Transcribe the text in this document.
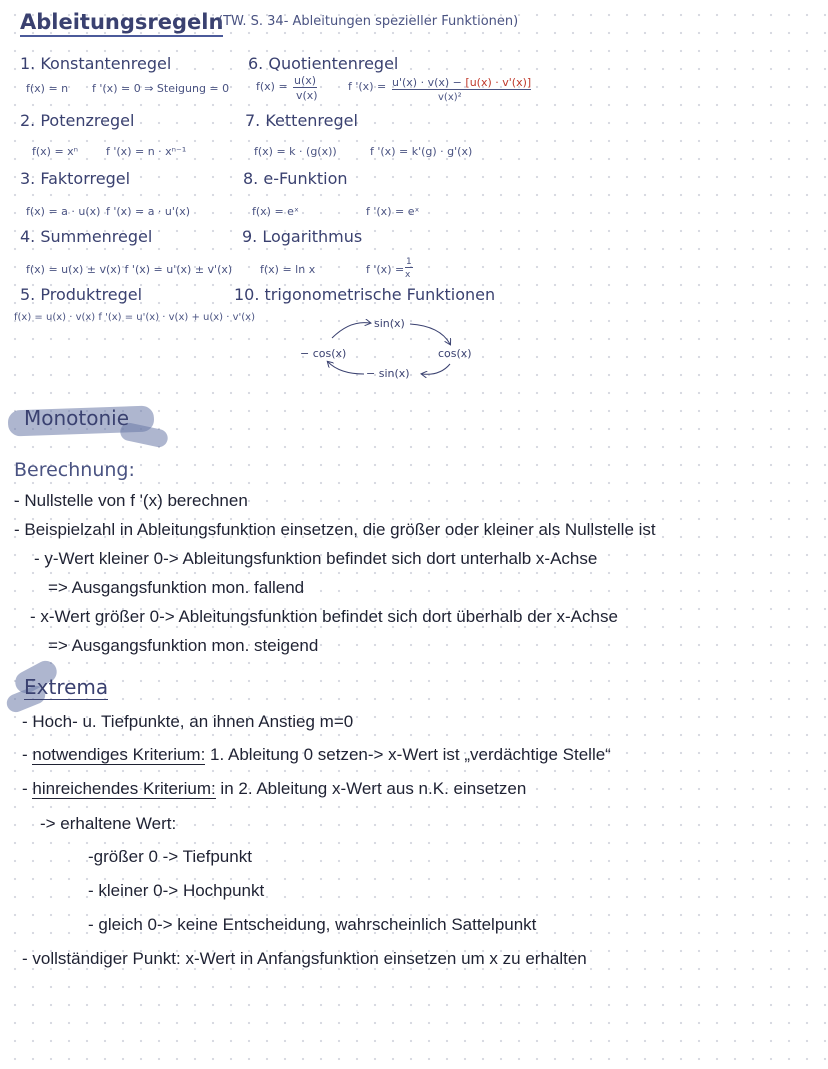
Ableitungsregeln
(TW. S. 34- Ableitungen spezieller Funktionen)
1. Konstantenregel
f(x) = n f '(x) = 0 ⇒ Steigung = 0
2. Potenzregel
f(x) = xⁿ	f '(x) = n · xⁿ⁻¹
3. Faktorregel
f(x) = a · u(x) f '(x) = a · u'(x)
4. Summenregel
f(x) = u(x) ± v(x) f '(x) = u'(x) ± v'(x)
5. Produktregel
f(x) = u(x) · v(x) f '(x) = u'(x) · v(x) + u(x) · v'(x)
6. Quotientenregel
f(x) = u(x)
v(x)
f '(x) = u'(x) · v(x) − [u(x) · v'(x)]
v(x)²
7. Kettenregel
f(x) = k · (g(x))	f '(x) = k'(g) · g'(x)
8. e-Funktion
f(x) = eˣ	f '(x) = eˣ
9. Logarithmus
f(x) = ln x	f '(x) =
1
x
10. trigonometrische Funktionen
sin(x)
cos(x)
− sin(x)
− cos(x)
Monotonie
Berechnung:
- Nullstelle von f '(x) berechnen
- Beispielzahl in Ableitungsfunktion einsetzen, die größer oder kleiner als Nullstelle ist
- y-Wert kleiner 0-> Ableitungsfunktion befindet sich dort unterhalb x-Achse
=> Ausgangsfunktion mon. fallend
- x-Wert größer 0-> Ableitungsfunktion befindet sich dort überhalb der x-Achse
=> Ausgangsfunktion mon. steigend
Extrema
- Hoch- u. Tiefpunkte, an ihnen Anstieg m=0
- notwendiges Kriterium: 1. Ableitung 0 setzen-> x-Wert ist „verdächtige Stelle“
- hinreichendes Kriterium: in 2. Ableitung x-Wert aus n.K. einsetzen
-> erhaltene Wert:
-größer 0 -> Tiefpunkt
- kleiner 0-> Hochpunkt
- gleich 0-> keine Entscheidung, wahrscheinlich Sattelpunkt
- vollständiger Punkt: x-Wert in Anfangsfunktion einsetzen um x zu erhalten
